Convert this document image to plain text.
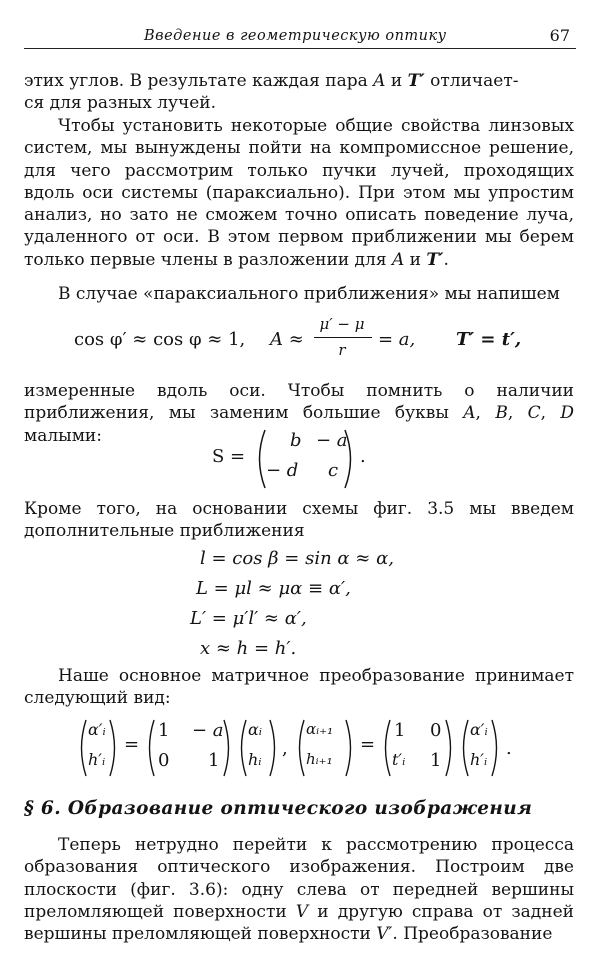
Введение в геометрическую оптику	67

этих углов. В результате каждая пара A и T′ отличает-
ся для разных лучей.

Чтобы установить некоторые общие свойства линзовых систем, мы вынуждены пойти на компромиссное решение, для чего рассмотрим только пучки лучей, проходящих вдоль оси системы (параксиально). При этом мы упростим анализ, но зато не сможем точно описать поведение луча, удаленного от оси. В этом первом приближении мы берем только первые члены в разложении для A и T′.

В случае «параксиального приближения» мы напишем

cos φ′ ≈ cos φ ≈ 1, A ≈
μ′ − μ
r	= a, T′ = t′,

измеренные вдоль оси. Чтобы помнить о наличии приближения, мы заменим большие буквы A, B, C, D малыми:

S =
b − a
− d c
.

Кроме того, на основании схемы фиг. 3.5 мы введем дополнительные приближения

l = cos β = sin α ≈ α,
L = μl ≈ μα ≡ α′,
L′ = μ′l′ ≈ α′,
x ≈ h = h′.

Наше основное матричное преобразование принимает следующий вид:

α′ᵢ
h′ᵢ
=
1 − a
0 1
αᵢ
hᵢ
,
αᵢ₊₁
hᵢ₊₁
=
1 0
t′ᵢ 1
α′ᵢ
h′ᵢ
.
§ 6. Образование оптического изображения

Теперь нетрудно перейти к рассмотрению процесса образования оптического изображения. Построим две плоскости (фиг. 3.6): одну слева от передней вершины преломляющей поверхности V и другую справа от задней вершины преломляющей поверхности V′. Преобразование
